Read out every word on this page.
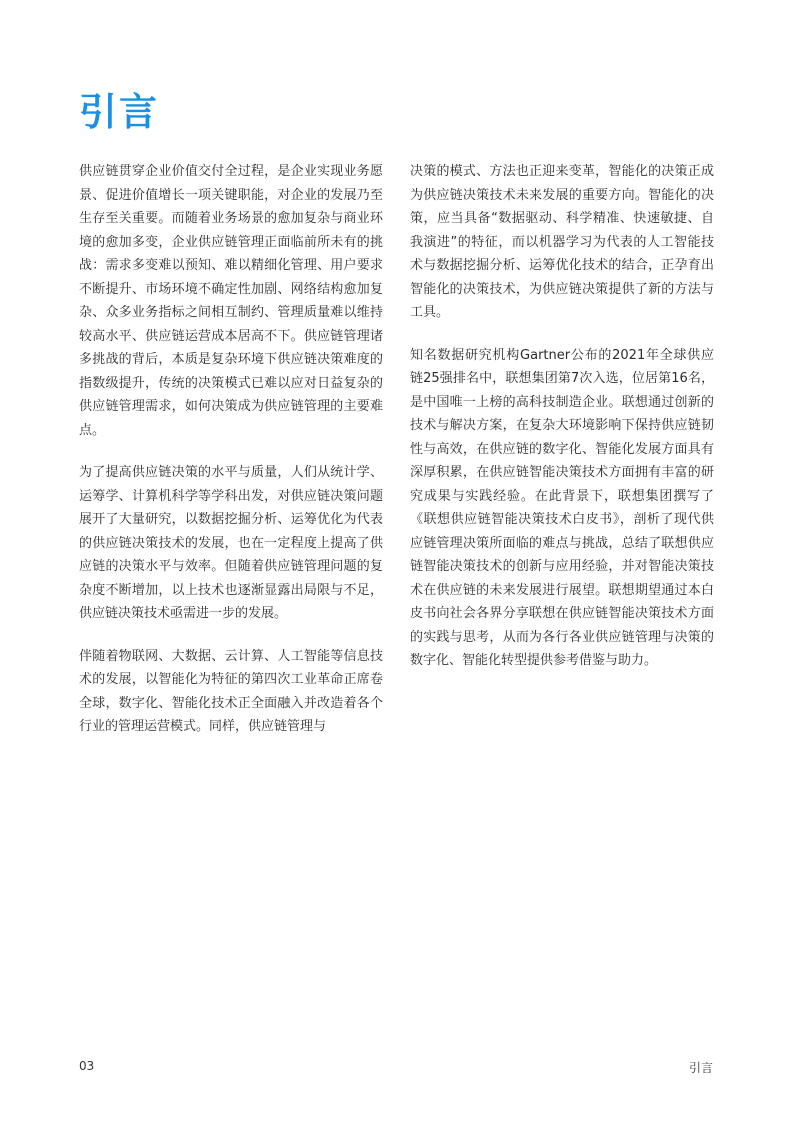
引言

供应链贯穿企业价值交付全过程，是企业实现业务愿景、促进价值增长一项关键职能，对企业的发展乃至生存至关重要。而随着业务场景的愈加复杂与商业环境的愈加多变，企业供应链管理正面临前所未有的挑战：需求多变难以预知、难以精细化管理、用户要求不断提升、市场环境不确定性加剧、网络结构愈加复杂、众多业务指标之间相互制约、管理质量难以维持较高水平、供应链运营成本居高不下。供应链管理诸多挑战的背后，本质是复杂环境下供应链决策难度的指数级提升，传统的决策模式已难以应对日益复杂的供应链管理需求，如何决策成为供应链管理的主要难点。

为了提高供应链决策的水平与质量，人们从统计学、运筹学、计算机科学等学科出发，对供应链决策问题展开了大量研究，以数据挖掘分析、运筹优化为代表的供应链决策技术的发展，也在一定程度上提高了供应链的决策水平与效率。但随着供应链管理问题的复杂度不断增加，以上技术也逐渐显露出局限与不足，供应链决策技术亟需进一步的发展。

伴随着物联网、大数据、云计算、人工智能等信息技术的发展，以智能化为特征的第四次工业革命正席卷全球，数字化、智能化技术正全面融入并改造着各个行业的管理运营模式。同样，供应链管理与

决策的模式、方法也正迎来变革，智能化的决策正成为供应链决策技术未来发展的重要方向。智能化的决策，应当具备“数据驱动、科学精准、快速敏捷、自我演进”的特征，而以机器学习为代表的人工智能技术与数据挖掘分析、运筹优化技术的结合，正孕育出智能化的决策技术，为供应链决策提供了新的方法与工具。

知名数据研究机构Gartner公布的2021年全球供应链25强排名中，联想集团第7次入选，位居第16名，是中国唯一上榜的高科技制造企业。联想通过创新的技术与解决方案，在复杂大环境影响下保持供应链韧性与高效，在供应链的数字化、智能化发展方面具有深厚积累，在供应链智能决策技术方面拥有丰富的研究成果与实践经验。在此背景下，联想集团撰写了《联想供应链智能决策技术白皮书》，剖析了现代供应链管理决策所面临的难点与挑战，总结了联想供应链智能决策技术的创新与应用经验，并对智能决策技术在供应链的未来发展进行展望。联想期望通过本白皮书向社会各界分享联想在供应链智能决策技术方面的实践与思考，从而为各行各业供应链管理与决策的数字化、智能化转型提供参考借鉴与助力。

03	引言
